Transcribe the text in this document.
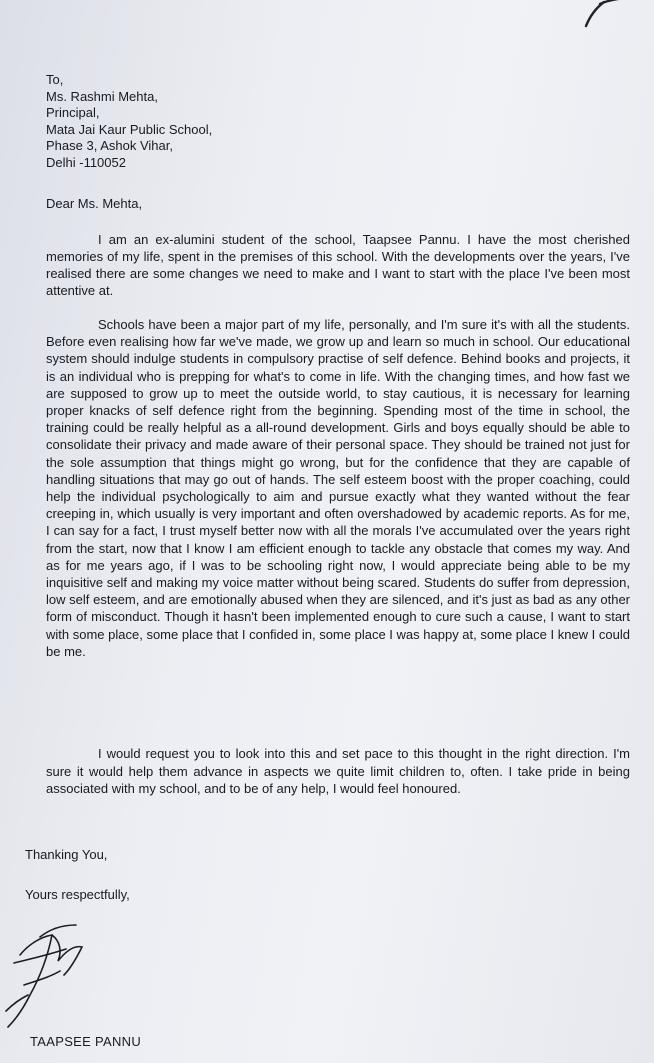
To,
Ms. Rashmi Mehta,
Principal,
Mata Jai Kaur Public School,
Phase 3, Ashok Vihar,
Delhi -110052
Dear Ms. Mehta,

I am an ex-alumini student of the school, Taapsee Pannu. I have the most cherished memories of my life, spent in the premises of this school. With the developments over the years, I've realised there are some changes we need to make and I want to start with the place I've been most attentive at.

Schools have been a major part of my life, personally, and I'm sure it's with all the students. Before even realising how far we've made, we grow up and learn so much in school. Our educational system should indulge students in compulsory practise of self defence. Behind books and projects, it is an individual who is prepping for what's to come in life. With the changing times, and how fast we are supposed to grow up to meet the outside world, to stay cautious, it is necessary for learning proper knacks of self defence right from the beginning. Spending most of the time in school, the training could be really helpful as a all-round development. Girls and boys equally should be able to consolidate their privacy and made aware of their personal space. They should be trained not just for the sole assumption that things might go wrong, but for the confidence that they are capable of handling situations that may go out of hands. The self esteem boost with the proper coaching, could help the individual psychologically to aim and pursue exactly what they wanted without the fear creeping in, which usually is very important and often overshadowed by academic reports. As for me, I can say for a fact, I trust myself better now with all the morals I've accumulated over the years right from the start, now that I know I am efficient enough to tackle any obstacle that comes my way. And as for me years ago, if I was to be schooling right now, I would appreciate being able to be my inquisitive self and making my voice matter without being scared. Students do suffer from depression, low self esteem, and are emotionally abused when they are silenced, and it's just as bad as any other form of misconduct. Though it hasn't been implemented enough to cure such a cause, I want to start with some place, some place that I confided in, some place I was happy at, some place I knew I could be me.

I would request you to look into this and set pace to this thought in the right direction. I'm sure it would help them advance in aspects we quite limit children to, often. I take pride in being associated with my school, and to be of any help, I would feel honoured.

Thanking You,
Yours respectfully,
TAAPSEE PANNU
